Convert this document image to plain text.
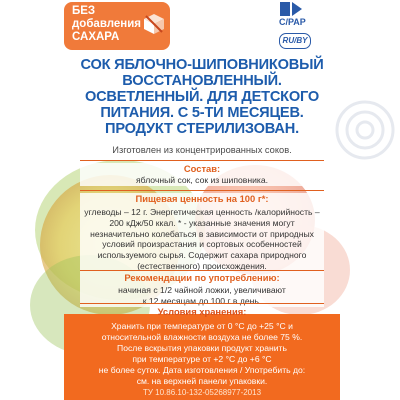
БЕЗ
добавления
САХАРА
С/РАР
RU/BY
СОК ЯБЛОЧНО-ШИПОВНИКОВЫЙ
ВОССТАНОВЛЕННЫЙ.
ОСВЕТЛЕННЫЙ. ДЛЯ ДЕТСКОГО
ПИТАНИЯ. С 5-ТИ МЕСЯЦЕВ.
ПРОДУКТ СТЕРИЛИЗОВАН.
Изготовлен из концентрированных соков.
Состав:
яблочный сок, сок из шиповника.
Пищевая ценность на 100 г*:
углеводы – 12 г. Энергетическая ценность /калорийность –
200 кДж/50 ккал. * - указанные значения могут
незначительно колебаться в зависимости от природных
условий произрастания и сортовых особенностей
используемого сырья. Содержит сахара природного
(естественного) происхождения.
Рекомендации по употреблению:
начиная с 1/2 чайной ложки, увеличивают
к 12 месяцам до 100 г в день.
Условия хранения:
Хранить при температуре от 0 °С до +25 °С и
относительной влажности воздуха не более 75 %.
После вскрытия упаковки продукт хранить
при температуре от +2 °С до +6 °С
не более суток. Дата изготовления / Употребить до:
см. на верхней панели упаковки.
ТУ 10.86.10-132-05268977-2013
